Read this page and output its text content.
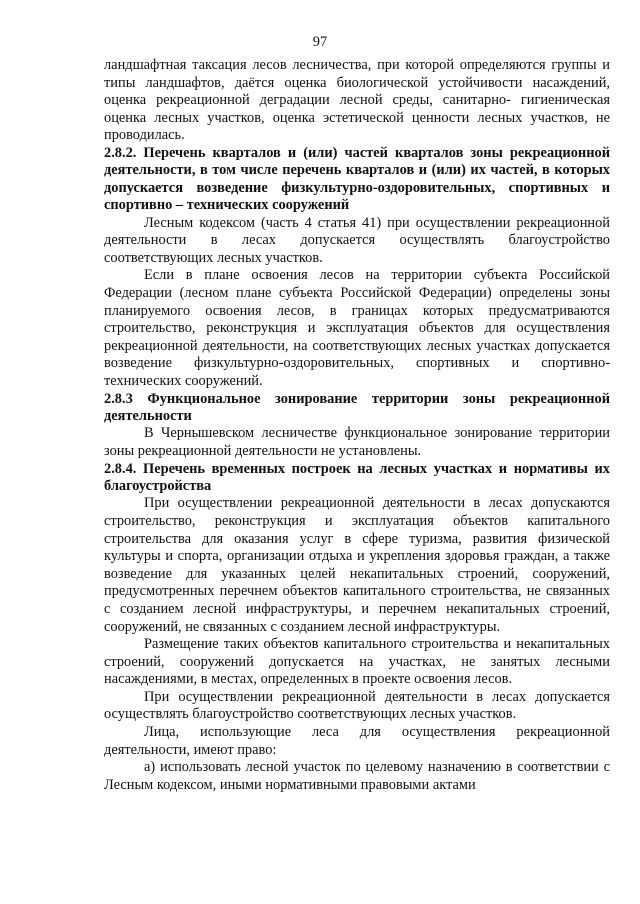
97

ландшафтная таксация лесов лесничества, при которой определяются группы и типы ландшафтов, даётся оценка биологической устойчивости насаждений, оценка рекреационной деградации лесной среды, санитарно- гигиеническая оценка лесных участков, оценка эстетической ценности лесных участков, не проводилась.

2.8.2. Перечень кварталов и (или) частей кварталов зоны рекреационной деятельности, в том числе перечень кварталов и (или) их частей, в которых допускается возведение физкультурно-оздоровительных, спортивных и спортивно – технических сооружений

Лесным кодексом (часть 4 статья 41) при осуществлении рекреационной деятельности в лесах допускается осуществлять благоустройство соответствующих лесных участков.

Если в плане освоения лесов на территории субъекта Российской Федерации (лесном плане субъекта Российской Федерации) определены зоны планируемого освоения лесов, в границах которых предусматриваются строительство, реконструкция и эксплуатация объектов для осуществления рекреационной деятельности, на соответствующих лесных участках допускается возведение физкультурно-оздоровительных, спортивных и спортивно-технических сооружений.

2.8.3 Функциональное зонирование территории зоны рекреационной деятельности

В Чернышевском лесничестве функциональное зонирование территории зоны рекреационной деятельности не установлены.

2.8.4. Перечень временных построек на лесных участках и нормативы их благоустройства

При осуществлении рекреационной деятельности в лесах допускаются строительство, реконструкция и эксплуатация объектов капитального строительства для оказания услуг в сфере туризма, развития физической культуры и спорта, организации отдыха и укрепления здоровья граждан, а также возведение для указанных целей некапитальных строений, сооружений, предусмотренных перечнем объектов капитального строительства, не связанных с созданием лесной инфраструктуры, и перечнем некапитальных строений, сооружений, не связанных с созданием лесной инфраструктуры.

Размещение таких объектов капитального строительства и некапитальных строений, сооружений допускается на участках, не занятых лесными насаждениями, в местах, определенных в проекте освоения лесов.

При осуществлении рекреационной деятельности в лесах допускается осуществлять благоустройство соответствующих лесных участков.

Лица, использующие леса для осуществления рекреационной деятельности, имеют право:

а) использовать лесной участок по целевому назначению в соответствии с Лесным кодексом, иными нормативными правовыми актами
